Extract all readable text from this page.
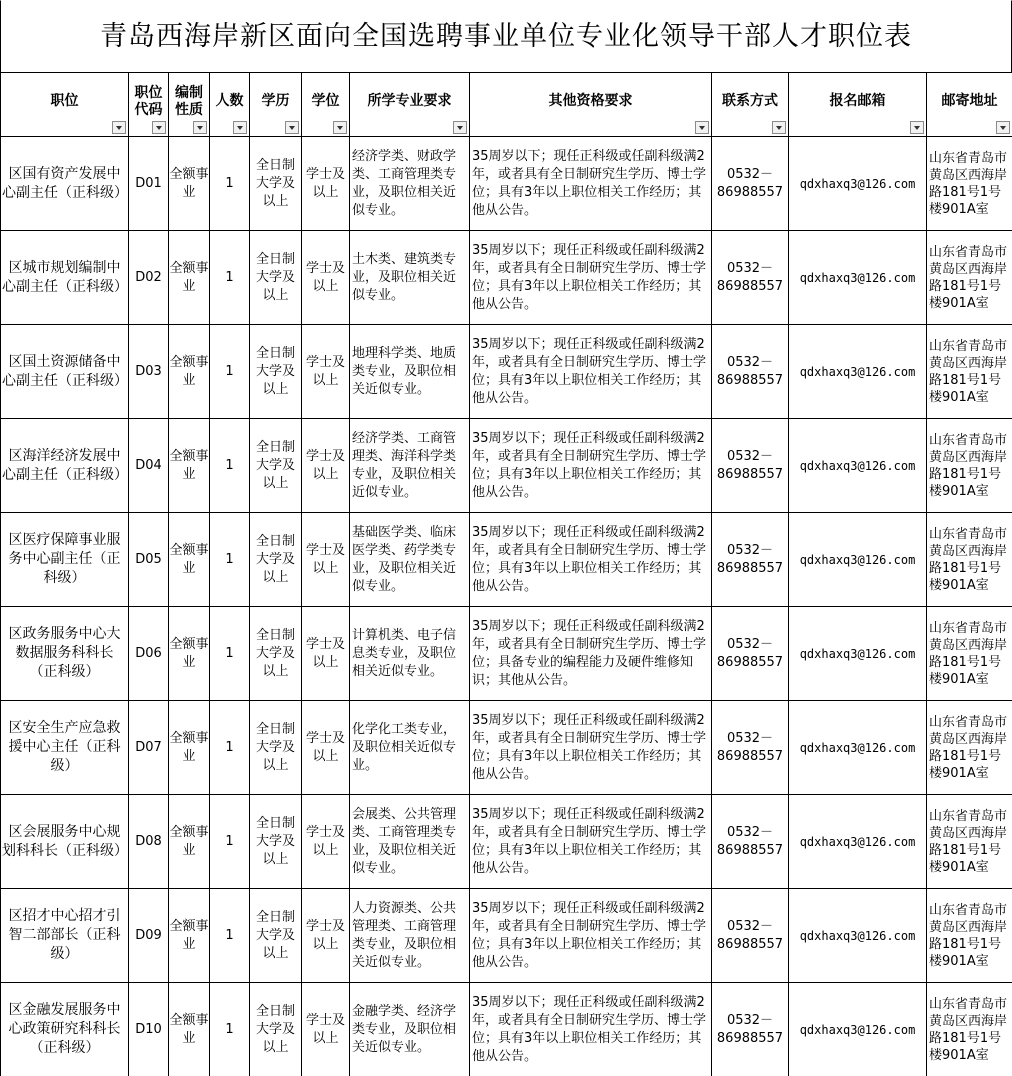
青岛西海岸新区面向全国选聘事业单位专业化领导干部人才职位表
职位	职位代码	编制性质	人数	学历	学位	所学专业要求	其他资格要求	联系方式	报名邮箱	邮寄地址

区国有资产发展中心副主任（正科级）	D01	全额事业	1	全日制大学及以上	学士及以上	经济学类、财政学类、工商管理类专业，及职位相关近似专业。	35周岁以下；现任正科级或任副科级满2年，或者具有全日制研究生学历、博士学位；具有3年以上职位相关工作经历；其他从公告。	0532－86988557	qdxhaxq3@126.com	山东省青岛市黄岛区西海岸路181号1号楼901A室
区城市规划编制中心副主任（正科级）	D02	全额事业	1	全日制大学及以上	学士及以上	土木类、建筑类专业，及职位相关近似专业。	35周岁以下；现任正科级或任副科级满2年，或者具有全日制研究生学历、博士学位；具有3年以上职位相关工作经历；其他从公告。	0532－86988557	qdxhaxq3@126.com	山东省青岛市黄岛区西海岸路181号1号楼901A室
区国土资源储备中心副主任（正科级）	D03	全额事业	1	全日制大学及以上	学士及以上	地理科学类、地质类专业，及职位相关近似专业。	35周岁以下；现任正科级或任副科级满2年，或者具有全日制研究生学历、博士学位；具有3年以上职位相关工作经历；其他从公告。	0532－86988557	qdxhaxq3@126.com	山东省青岛市黄岛区西海岸路181号1号楼901A室
区海洋经济发展中心副主任（正科级）	D04	全额事业	1	全日制大学及以上	学士及以上	经济学类、工商管理类、海洋科学类专业，及职位相关近似专业。	35周岁以下；现任正科级或任副科级满2年，或者具有全日制研究生学历、博士学位；具有3年以上职位相关工作经历；其他从公告。	0532－86988557	qdxhaxq3@126.com	山东省青岛市黄岛区西海岸路181号1号楼901A室
区医疗保障事业服务中心副主任（正科级）	D05	全额事业	1	全日制大学及以上	学士及以上	基础医学类、临床医学类、药学类专业，及职位相关近似专业。	35周岁以下；现任正科级或任副科级满2年，或者具有全日制研究生学历、博士学位；具有3年以上职位相关工作经历；其他从公告。	0532－86988557	qdxhaxq3@126.com	山东省青岛市黄岛区西海岸路181号1号楼901A室
区政务服务中心大数据服务科科长（正科级）	D06	全额事业	1	全日制大学及以上	学士及以上	计算机类、电子信息类专业，及职位相关近似专业。	35周岁以下；现任正科级或任副科级满2年，或者具有全日制研究生学历、博士学位；具备专业的编程能力及硬件维修知识；其他从公告。	0532－86988557	qdxhaxq3@126.com	山东省青岛市黄岛区西海岸路181号1号楼901A室
区安全生产应急救援中心主任（正科级）	D07	全额事业	1	全日制大学及以上	学士及以上	化学化工类专业，及职位相关近似专业。	35周岁以下；现任正科级或任副科级满2年，或者具有全日制研究生学历、博士学位；具有3年以上职位相关工作经历；其他从公告。	0532－86988557	qdxhaxq3@126.com	山东省青岛市黄岛区西海岸路181号1号楼901A室
区会展服务中心规划科科长（正科级）	D08	全额事业	1	全日制大学及以上	学士及以上	会展类、公共管理类、工商管理类专业，及职位相关近似专业。	35周岁以下；现任正科级或任副科级满2年，或者具有全日制研究生学历、博士学位；具有3年以上职位相关工作经历；其他从公告。	0532－86988557	qdxhaxq3@126.com	山东省青岛市黄岛区西海岸路181号1号楼901A室
区招才中心招才引智二部部长（正科级）	D09	全额事业	1	全日制大学及以上	学士及以上	人力资源类、公共管理类、工商管理类专业，及职位相关近似专业。	35周岁以下；现任正科级或任副科级满2年，或者具有全日制研究生学历、博士学位；具有3年以上职位相关工作经历；其他从公告。	0532－86988557	qdxhaxq3@126.com	山东省青岛市黄岛区西海岸路181号1号楼901A室
区金融发展服务中心政策研究科科长（正科级）	D10	全额事业	1	全日制大学及以上	学士及以上	金融学类、经济学类专业，及职位相关近似专业。	35周岁以下；现任正科级或任副科级满2年，或者具有全日制研究生学历、博士学位；具有3年以上职位相关工作经历；其他从公告。	0532－86988557	qdxhaxq3@126.com	山东省青岛市黄岛区西海岸路181号1号楼901A室
